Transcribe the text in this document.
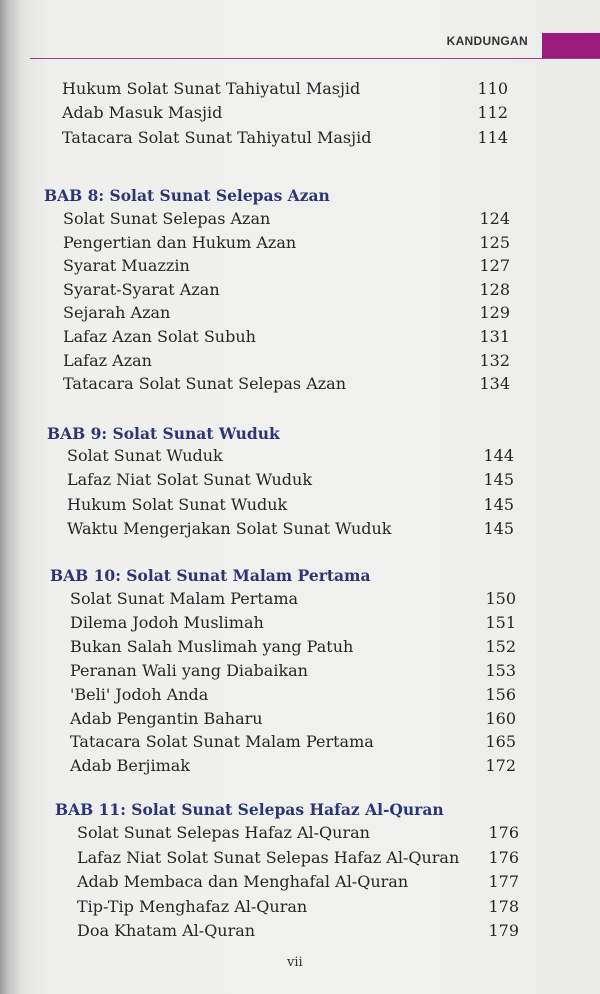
KANDUNGAN
Hukum Solat Sunat Tahiyatul Masjid	110
Adab Masuk Masjid	112
Tatacara Solat Sunat Tahiyatul Masjid	114
BAB 8: Solat Sunat Selepas Azan
Solat Sunat Selepas Azan	124
Pengertian dan Hukum Azan	125
Syarat Muazzin	127
Syarat-Syarat Azan	128
Sejarah Azan	129
Lafaz Azan Solat Subuh	131
Lafaz Azan	132
Tatacara Solat Sunat Selepas Azan	134
BAB 9: Solat Sunat Wuduk
Solat Sunat Wuduk	144
Lafaz Niat Solat Sunat Wuduk	145
Hukum Solat Sunat Wuduk	145
Waktu Mengerjakan Solat Sunat Wuduk	145
BAB 10: Solat Sunat Malam Pertama
Solat Sunat Malam Pertama	150
Dilema Jodoh Muslimah	151
Bukan Salah Muslimah yang Patuh	152
Peranan Wali yang Diabaikan	153
'Beli' Jodoh Anda	156
Adab Pengantin Baharu	160
Tatacara Solat Sunat Malam Pertama	165
Adab Berjimak	172
BAB 11: Solat Sunat Selepas Hafaz Al-Quran
Solat Sunat Selepas Hafaz Al-Quran	176
Lafaz Niat Solat Sunat Selepas Hafaz Al-Quran 176
Adab Membaca dan Menghafal Al-Quran	177
Tip-Tip Menghafaz Al-Quran	178
Doa Khatam Al-Quran	179
vii
